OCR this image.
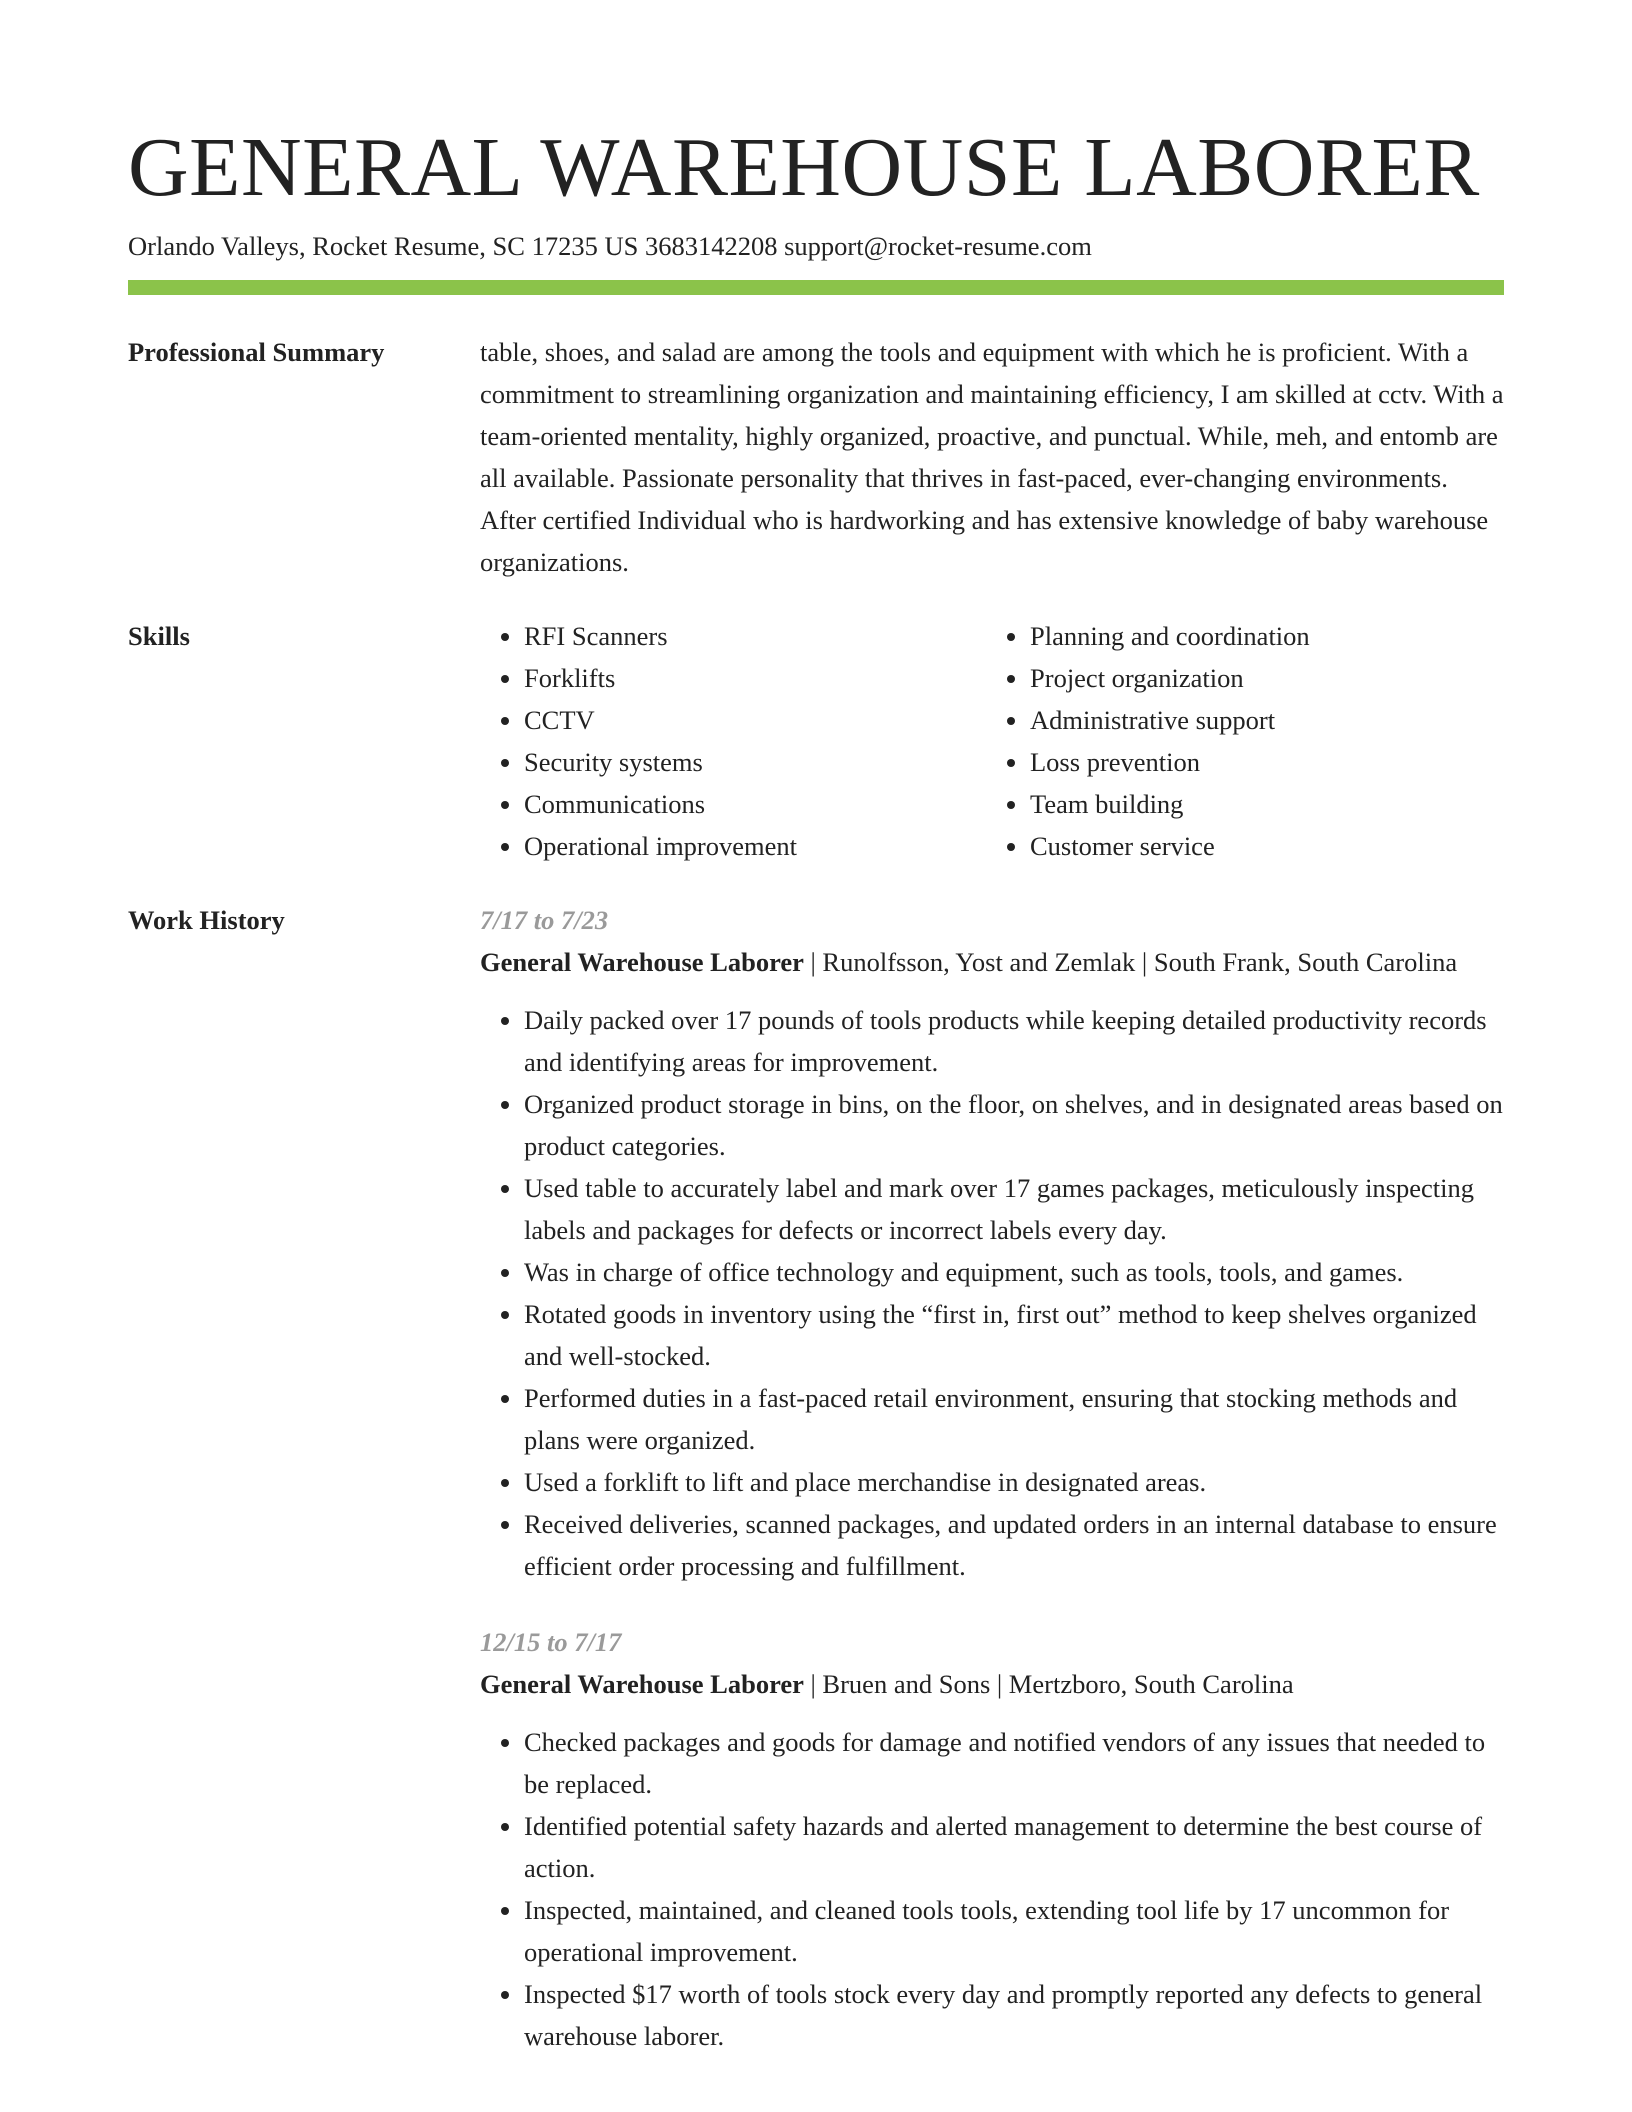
GENERAL WAREHOUSE LABORER
Orlando Valleys, Rocket Resume, SC 17235 US 3683142208 support@rocket-resume.com
Professional Summary	table, shoes, and salad are among the tools and equipment with which he is proficient. With a commitment to streamlining organization and maintaining efficiency, I am skilled at cctv. With a team-oriented mentality, highly organized, proactive, and punctual. While, meh, and entomb are all available. Passionate personality that thrives in fast-paced, ever-changing environments. After certified Individual who is hardworking and has extensive knowledge of baby warehouse organizations.

Skills
•	RFI Scanners
• Forklifts
• CCTV
• Security systems
• Communications
• Operational improvement
• Planning and coordination
• Project organization
• Administrative support
• Loss prevention
• Team building
• Customer service
Work History	7/17 to 7/23
General Warehouse Laborer | Runolfsson, Yost and Zemlak | South Frank, South Carolina
• Daily packed over 17 pounds of tools products while keeping detailed productivity records and identifying areas for improvement.
• Organized product storage in bins, on the floor, on shelves, and in designated areas based on product categories.
• Used table to accurately label and mark over 17 games packages, meticulously inspecting labels and packages for defects or incorrect labels every day.
• Was in charge of office technology and equipment, such as tools, tools, and games.
• Rotated goods in inventory using the “first in, first out” method to keep shelves organized and well-stocked.
• Performed duties in a fast-paced retail environment, ensuring that stocking methods and plans were organized.
• Used a forklift to lift and place merchandise in designated areas.
• Received deliveries, scanned packages, and updated orders in an internal database to ensure efficient order processing and fulfillment.
12/15 to 7/17
General Warehouse Laborer | Bruen and Sons | Mertzboro, South Carolina
• Checked packages and goods for damage and notified vendors of any issues that needed to be replaced.
• Identified potential safety hazards and alerted management to determine the best course of action.
• Inspected, maintained, and cleaned tools tools, extending tool life by 17 uncommon for operational improvement.
• Inspected $17 worth of tools stock every day and promptly reported any defects to general warehouse laborer.
